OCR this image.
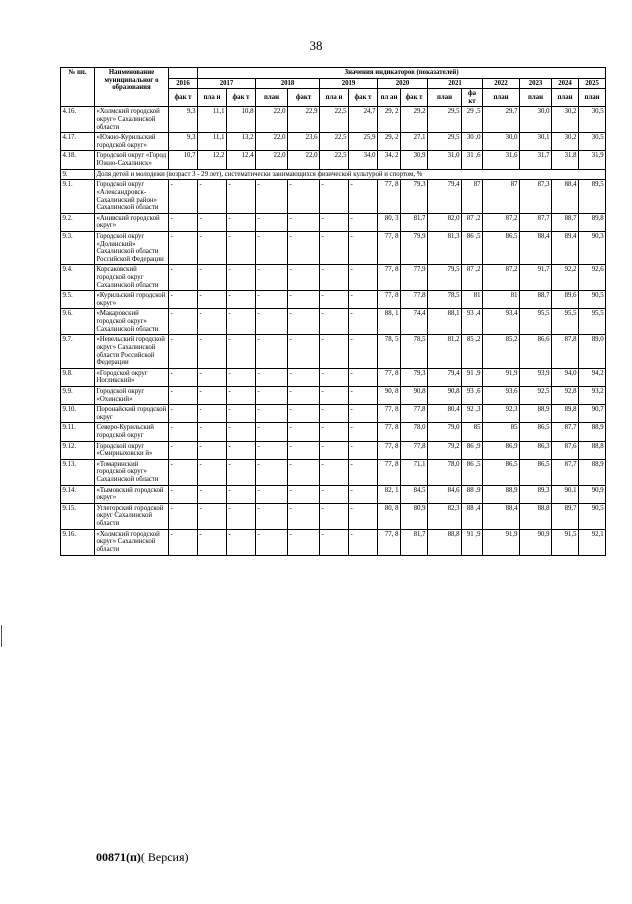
38
№ пп.	Наименование муниципальног о образования		Значения индикаторов (показателей)													
		2016	2017		2018		2019		2020		2021		2022	2023	2024	2025
		фак т	пла н	фак т	план	факт	пла н	фак т	пл ан	фак т	план	фа кт	план	план	план	план
4.16.	«Холмский городской округ» Сахалинской области	9,3	11,1	10,8	22,0	22,9	22,5	24,7	29, 2	29,2	29,5	29 ,5	29,7	30,0	30,2	30,5
4.17.	«Южно-Курильский городской округ»	9,3	11,1	13,2	22,0	23,6	22,5	25,9	29, 2	27,1	29,5	30 ,0	30,0	30,1	30,2	30,5
4.18.	Городской округ «Город Южно-Сахалинск»	10,7	12,2	12,4	22,0	22,0	22,5	34,0	34, 2	30,9	31,0	31 ,6	31,6	31,7	31,8	31,9
9.	Доля детей и молодежи (возраст 3 - 29 лет), систематически занимающихся физической культурой и спортом, %															
9.1.	Городской округ «Александровск-Сахалинский район» Сахалинской области	-	-	-	-	-	-	-	77, 8	79,3	79,4	87	87	87,3	88,4	89,5
9.2.	«Анивский городской округ»	-	-	-	-	-	-	-	80, 3	81,7	82,0	87 ,2	87,2	87,7	88,7	89,8
9.3.	Городской округ «Долинский» Сахалинской области Российской Федерации	-	-	-	-	-	-	-	77, 8	79,9	81,3	86 ,5	86,5	88,4	89,4	90,3
9.4.	Корсаковский городской округ Сахалинской области	-	-	-	-	-	-	-	77, 8	77,9	79,5	87 ,2	87,2	91,7	92,2	92,6
9.5.	«Курильский городской округ»	-	-	-	-	-	-	-	77, 8	77,8	78,5	81	81	88,7	89,6	90,5
9.6.	«Макаровский городской округ» Сахалинской области	-	-	-	-	-	-	-	88, 1	74,4	88,1	93 ,4	93,4	95,5	95,5	95,5
9.7.	«Невельский городской округ» Сахалинской области Российской Федерации	-	-	-	-	-	-	-	78, 5	78,5	81,2	85 ,2	85,2	86,6	87,8	89,0
9.8.	«Городской округ Ногликский»	-	-	-	-	-	-	-	77, 8	79,3	79,4	91 ,9	91,9	93,9	94,0	94,2
9.9.	Городской округ «Охинский»	-	-	-	-	-	-	-	90, 8	90,8	90,8	93 ,6	93,6	92,5	92,8	93,2
9.10.	Поронайский городской округ	-	-	-	-	-	-	-	77, 8	77,8	80,4	92 ,3	92,3	88,9	89,8	90,7
9.11.	Северо-Курильский городской округ	-	-	-	-	-	-	-	77, 8	78,0	79,0	85	85	86,5	87,7	88,9
9.12.	Городской округ «Смирныховски й»	-	-	-	-	-	-	-	77, 8	77,8	79,2	86 ,9	86,9	86,3	87,6	88,8
9.13.	«Томаринский городской округ» Сахалинской области	-	-	-	-	-	-	-	77, 8	71,1	78,0	86 ,5	86,5	86,5	87,7	88,9
9.14.	«Тымовский городской округ»	-	-	-	-	-	-	-	82, 1	84,5	84,6	88 ,9	88,9	89,3	90,1	90,9
9.15.	Углегорский городской округ Сахалинской области	-	-	-	-	-	-	-	80, 8	80,9	82,3	88 ,4	88,4	88,8	89,7	90,5
9.16.	«Холмский городской округ» Сахалинской области	-	-	-	-	-	-	-	77, 8	81,7	88,8	91 ,9	91,9	90,9	91,5	92,1
00871(п)( Версия)
